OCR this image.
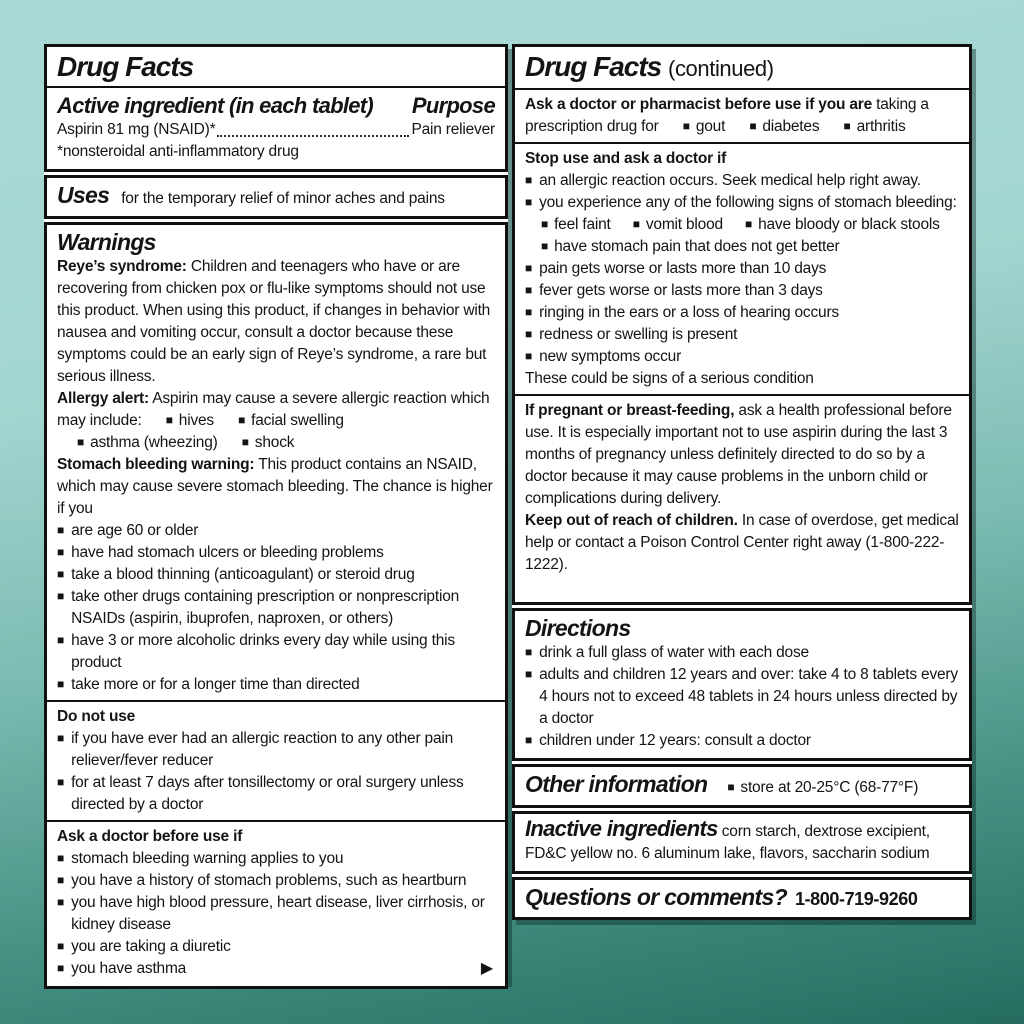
Drug Facts
Active ingredient (in each tablet) Purpose
Aspirin 81 mg (NSAID)*	Pain reliever

*nonsteroidal anti-inflammatory drug

Uses for the temporary relief of minor aches and pains
Warnings

Reye’s syndrome: Children and teenagers who have or are recovering from chicken pox or flu-like symptoms should not use this product. When using this product, if changes in behavior with nausea and vomiting occur, consult a doctor because these symptoms could be an early sign of Reye’s syndrome, a rare but serious illness.

Allergy alert: Aspirin may cause a severe allergic reaction which may include: ■ hives ■ facial swelling ■ asthma (wheezing) ■ shock

Stomach bleeding warning: This product contains an NSAID, which may cause severe stomach bleeding. The chance is higher if you

■
are age 60 or older
■
have had stomach ulcers or bleeding problems
■
take a blood thinning (anticoagulant) or steroid drug
■
take other drugs containing prescription or nonprescription NSAIDs (aspirin, ibuprofen, naproxen, or others)
■
have 3 or more alcoholic drinks every day while using this product
■
take more or for a longer time than directed

Do not use

■
if you have ever had an allergic reaction to any other pain reliever/fever reducer
■
for at least 7 days after tonsillectomy or oral surgery unless directed by a doctor

Ask a doctor before use if

■
stomach bleeding warning applies to you
■
you have a history of stomach problems, such as heartburn
■
you have high blood pressure, heart disease, liver cirrhosis, or kidney disease
■
you are taking a diuretic
■
you have asthma	▶
Drug Facts (continued)

Ask a doctor or pharmacist before use if you are taking a prescription drug for ■ gout ■ diabetes ■ arthritis

Stop use and ask a doctor if

■
an allergic reaction occurs. Seek medical help right away.
■
you experience any of the following signs of stomach bleeding:
■ feel faint ■ vomit blood ■ have bloody or black stools ■ have stomach pain that does not get better
■
pain gets worse or lasts more than 10 days
■
fever gets worse or lasts more than 3 days
■
ringing in the ears or a loss of hearing occurs
■
redness or swelling is present
■
new symptoms occur

These could be signs of a serious condition

If pregnant or breast-feeding, ask a health professional before use. It is especially important not to use aspirin during the last 3 months of pregnancy unless definitely directed to do so by a doctor because it may cause problems in the unborn child or complications during delivery.

Keep out of reach of children. In case of overdose, get medical help or contact a Poison Control Center right away (1-800-222-1222).

Directions
■
drink a full glass of water with each dose
■
adults and children 12 years and over: take 4 to 8 tablets every 4 hours not to exceed 48 tablets in 24 hours unless directed by a doctor
■
children under 12 years: consult a doctor
Other information	■ store at 20-25°C (68-77°F)

Inactive ingredients corn starch, dextrose excipient, FD&C yellow no. 6 aluminum lake, flavors, saccharin sodium

Questions or comments? 1-800-719-9260
